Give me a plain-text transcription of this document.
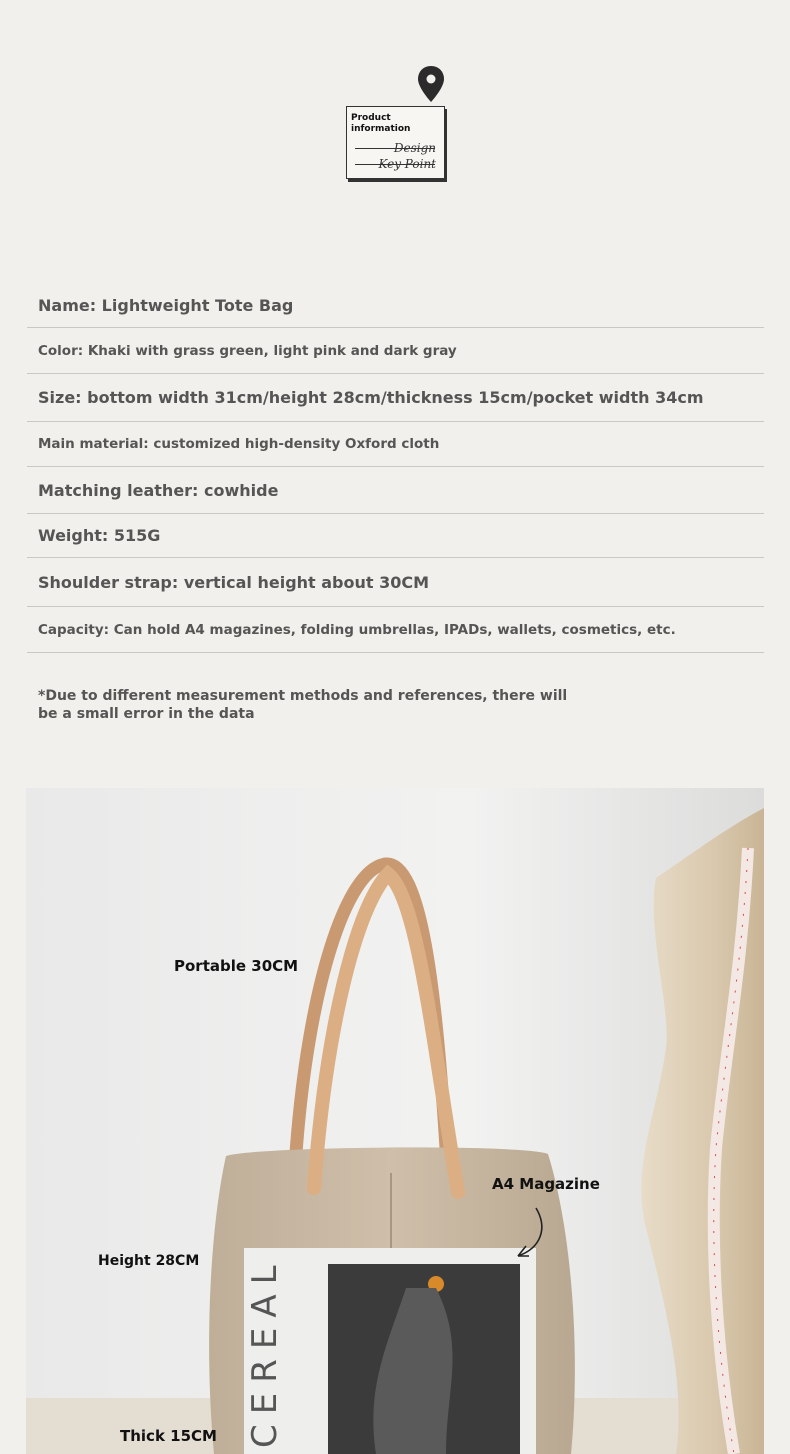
Product information
Design
Key Point
Name: Lightweight Tote Bag
Color: Khaki with grass green, light pink and dark gray
Size: bottom width 31cm/height 28cm/thickness 15cm/pocket width 34cm
Main material: customized high-density Oxford cloth
Matching leather: cowhide
Weight: 515G
Shoulder strap: vertical height about 30CM
Capacity: Can hold A4 magazines, folding umbrellas, IPADs, wallets, cosmetics, etc.
*Due to different measurement methods and references, there will be a small error in the data
CEREAL
Portable 30CM
A4 Magazine
Height 28CM
Thick 15CM
